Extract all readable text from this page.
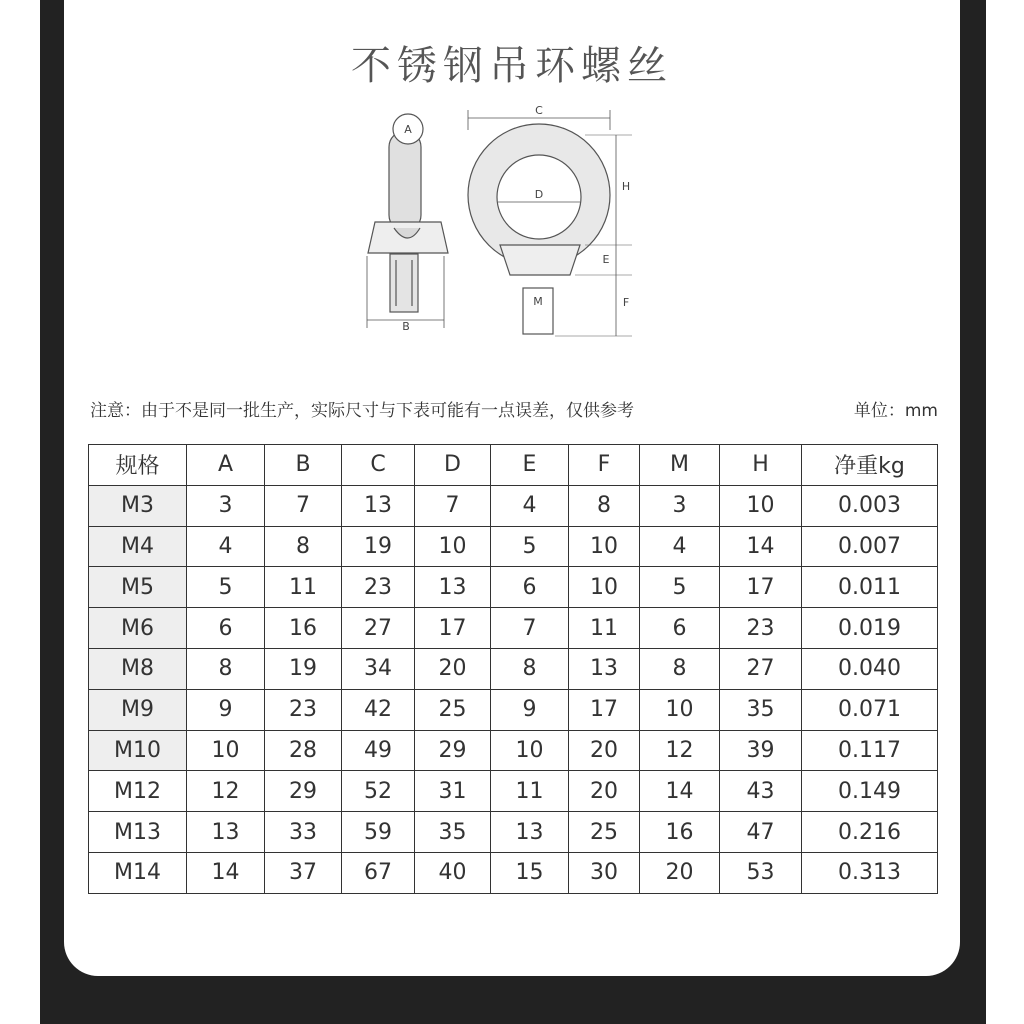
不锈钢吊环螺丝
A
B
C
D
H
E
F
M
注意：由于不是同一批生产，实际尺寸与下表可能有一点误差，仅供参考	单位：mm
规格	A	B	C	D	E	F	M	H	净重kg
M3	3	7	13	7	4	8	3	10	0.003
M4	4	8	19	10	5	10	4	14	0.007
M5	5	11	23	13	6	10	5	17	0.011
M6	6	16	27	17	7	11	6	23	0.019
M8	8	19	34	20	8	13	8	27	0.040
M9	9	23	42	25	9	17	10	35	0.071
M10	10	28	49	29	10	20	12	39	0.117
M12	12	29	52	31	11	20	14	43	0.149
M13	13	33	59	35	13	25	16	47	0.216
M14	14	37	67	40	15	30	20	53	0.313
